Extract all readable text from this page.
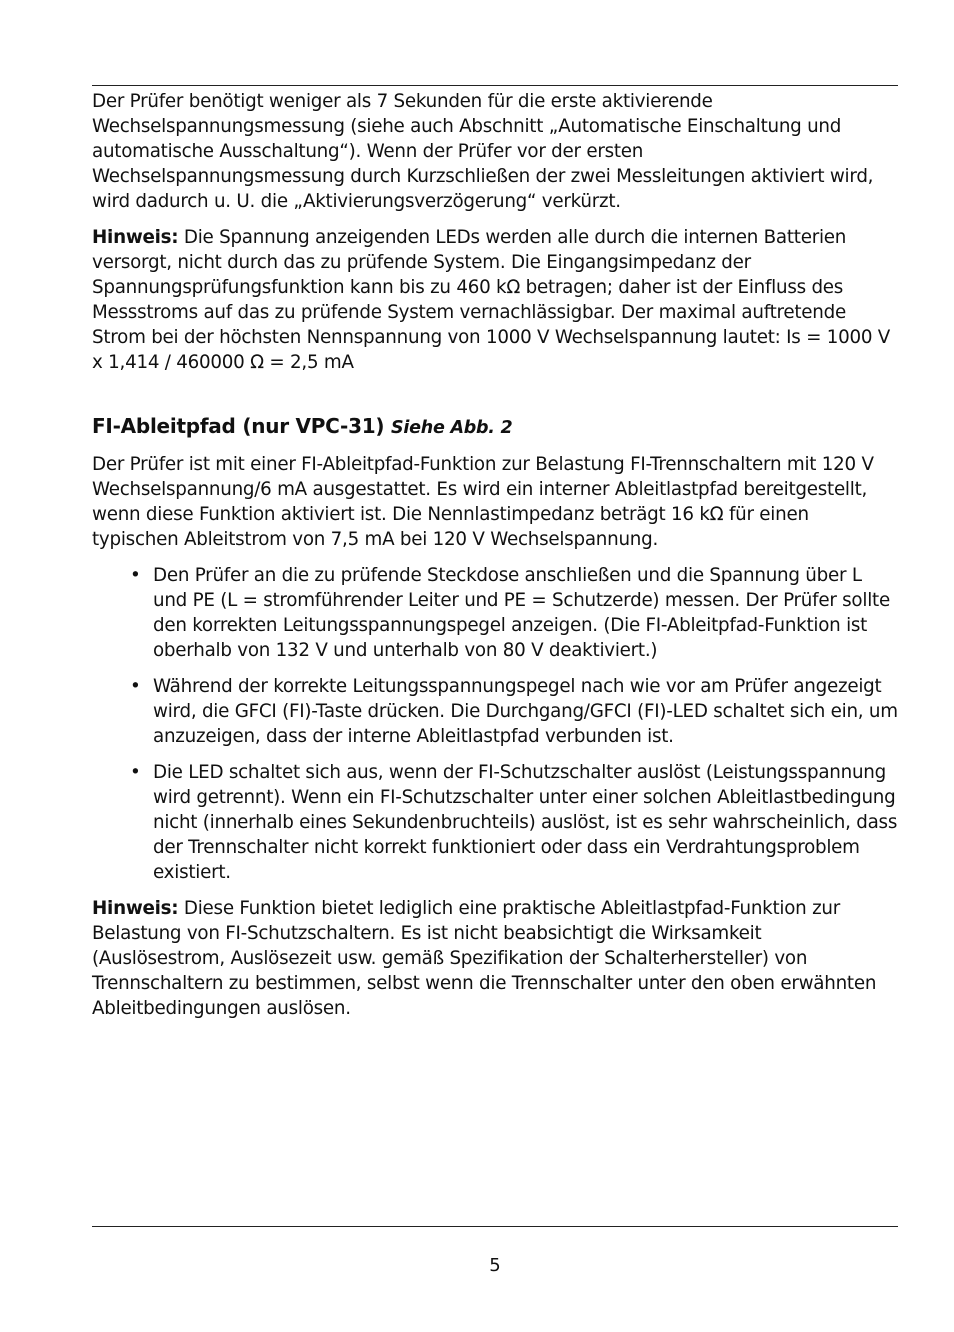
Der Prüfer benötigt weniger als 7 Sekunden für die erste aktivierende Wechselspannungsmessung (siehe auch Abschnitt „Automatische Einschaltung und automatische Ausschaltung“). Wenn der Prüfer vor der ersten Wechselspannungsmessung durch Kurzschließen der zwei Messleitungen aktiviert wird, wird dadurch u. U. die „Aktivierungsverzögerung“ verkürzt.

Hinweis: Die Spannung anzeigenden LEDs werden alle durch die internen Batterien versorgt, nicht durch das zu prüfende System. Die Eingangsimpedanz der Spannungsprüfungsfunktion kann bis zu 460 kΩ betragen; daher ist der Einfluss des Messstroms auf das zu prüfende System vernachlässigbar. Der maximal auftretende Strom bei der höchsten Nennspannung von 1000 V Wechselspannung lautet: Is = 1000 V x 1,414 / 460000 Ω = 2,5 mA

FI-Ableitpfad (nur VPC-31) Siehe Abb. 2

Der Prüfer ist mit einer FI-Ableitpfad-Funktion zur Belastung FI-Trennschaltern mit 120 V Wechselspannung/6 mA ausgestattet. Es wird ein interner Ableitlastpfad bereitgestellt, wenn diese Funktion aktiviert ist. Die Nennlastimpedanz beträgt 16 kΩ für einen typischen Ableitstrom von 7,5 mA bei 120 V Wechselspannung.

• Den Prüfer an die zu prüfende Steckdose anschließen und die Spannung über L und PE (L = stromführender Leiter und PE = Schutzerde) messen. Der Prüfer sollte den korrekten Leitungsspannungspegel anzeigen. (Die FI-Ableitpfad-Funktion ist oberhalb von 132 V und unterhalb von 80 V deaktiviert.)
• Während der korrekte Leitungsspannungspegel nach wie vor am Prüfer angezeigt wird, die GFCI (FI)-Taste drücken. Die Durchgang/GFCI (FI)-LED schaltet sich ein, um anzuzeigen, dass der interne Ableitlastpfad verbunden ist.
• Die LED schaltet sich aus, wenn der FI-Schutzschalter auslöst (Leistungsspannung wird getrennt). Wenn ein FI-Schutzschalter unter einer solchen Ableitlastbedingung nicht (innerhalb eines Sekundenbruchteils) auslöst, ist es sehr wahrscheinlich, dass der Trennschalter nicht korrekt funktioniert oder dass ein Verdrahtungsproblem existiert.

Hinweis: Diese Funktion bietet lediglich eine praktische Ableitlastpfad-Funktion zur Belastung von FI-Schutzschaltern. Es ist nicht beabsichtigt die Wirksamkeit (Auslösestrom, Auslösezeit usw. gemäß Spezifikation der Schalterhersteller) von Trennschaltern zu bestimmen, selbst wenn die Trennschalter unter den oben erwähnten Ableitbedingungen auslösen.

5
